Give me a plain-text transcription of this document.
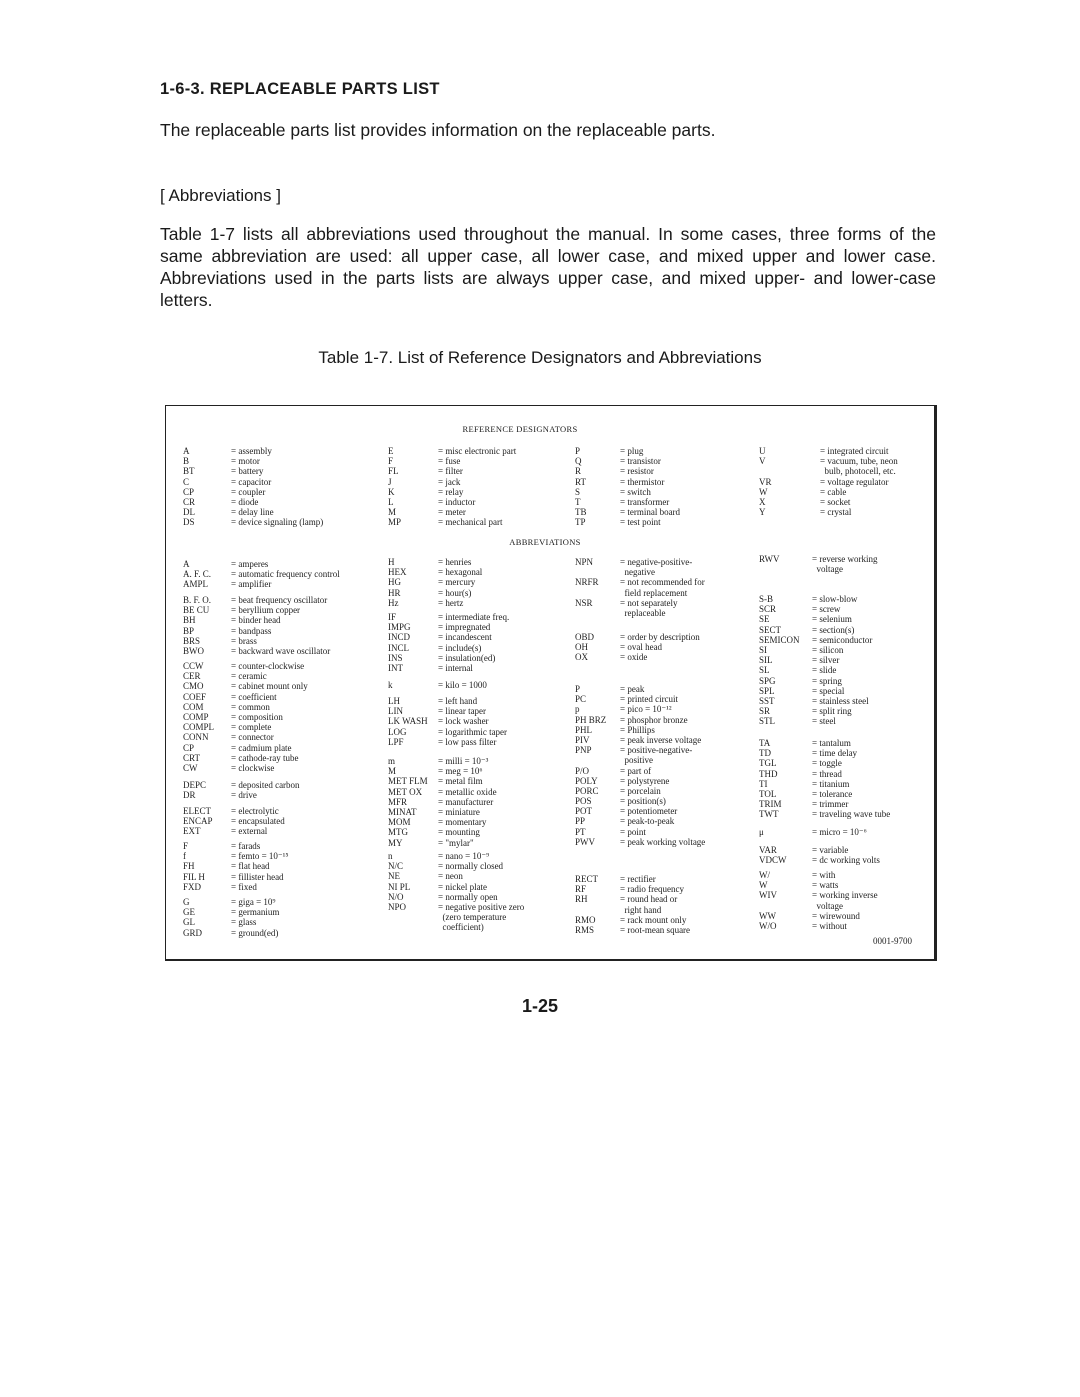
1-6-3. REPLACEABLE PARTS LIST
The replaceable parts list provides information on the replaceable parts.
[ Abbreviations ]
Table 1-7 lists all abbreviations used throughout the manual. In some cases, three forms of the same abbreviation are used: all upper case, all lower case, and mixed upper and lower case. Abbreviations used in the parts lists are always upper case, and mixed upper- and lower-case letters.
Table 1-7. List of Reference Designators and Abbreviations
REFERENCE DESIGNATORS
ABBREVIATIONS
A	= assembly
B	= motor
BT	= battery
C	= capacitor
CP	= coupler
CR	= diode
DL	= delay line
DS	= device signaling (lamp)
E	= misc electronic part
F	= fuse
FL	= filter
J	= jack
K	= relay
L	= inductor
M	= meter
MP	= mechanical part
P	= plug
Q	= transistor
R	= resistor
RT	= thermistor
S	= switch
T	= transformer
TB	= terminal board
TP	= test point
U	= integrated circuit
V	= vacuum, tube, neon
bulb, photocell, etc.
VR	= voltage regulator
W	= cable
X	= socket
Y	= crystal
A	= amperes
A. F. C. = automatic frequency control
AMPL	= amplifier
B. F. O. = beat frequency oscillator
BE CU = beryllium copper
BH	= binder head
BP	= bandpass
BRS	= brass
BWO	= backward wave oscillator
CCW	= counter-clockwise
CER	= ceramic
CMO	= cabinet mount only
COEF	= coefficient
COM	= common
COMP = composition
COMPL = complete
CONN = connector
CP	= cadmium plate
CRT	= cathode-ray tube
CW	= clockwise
DEPC	= deposited carbon
DR	= drive
ELECT = electrolytic
ENCAP = encapsulated
EXT	= external
F	= farads
f	= femto = 10⁻¹⁵
FH	= flat head
FIL H	= fillister head
FXD	= fixed
G	= giga = 10⁹
GE	= germanium
GL	= glass
GRD	= ground(ed)
H	= henries
HEX	= hexagonal
HG	= mercury
HR	= hour(s)
Hz	= hertz
IF	= intermediate freq.
IMPG	= impregnated
INCD	= incandescent
INCL	= include(s)
INS	= insulation(ed)
INT	= internal
k	= kilo = 1000
LH	= left hand
LIN	= linear taper
LK WASH = lock washer
LOG	= logarithmic taper
LPF	= low pass filter
m	= milli = 10⁻³
M	= meg = 10⁶
MET FLM = metal film
MET OX = metallic oxide
MFR	= manufacturer
MINAT = miniature
MOM	= momentary
MTG	= mounting
MY	= "mylar"
n	= nano = 10⁻⁹
N/C	= normally closed
NE	= neon
NI PL	= nickel plate
N/O	= normally open
NPO	= negative positive zero
(zero temperature
coefficient)
NPN	= negative-positive-
negative
NRFR = not recommended for
field replacement
NSR	= not separately
replaceable
OBD	= order by description
OH	= oval head
OX	= oxide
P	= peak
PC	= printed circuit
p	= pico = 10⁻¹²
PH BRZ = phosphor bronze
PHL	= Phillips
PIV	= peak inverse voltage
PNP	= positive-negative-
positive
P/O	= part of
POLY = polystyrene
PORC = porcelain
POS	= position(s)
POT	= potentiometer
PP	= peak-to-peak
PT	= point
PWV	= peak working voltage
RECT = rectifier
RF	= radio frequency
RH	= round head or
right hand
RMO	= rack mount only
RMS	= root-mean square
RWV	= reverse working
voltage
S-B	= slow-blow
SCR	= screw
SE	= selenium
SECT	= section(s)
SEMICON = semiconductor
SI	= silicon
SIL	= silver
SL	= slide
SPG	= spring
SPL	= special
SST	= stainless steel
SR	= split ring
STL	= steel
TA	= tantalum
TD	= time delay
TGL	= toggle
THD	= thread
TI	= titanium
TOL	= tolerance
TRIM	= trimmer
TWT	= traveling wave tube
μ	= micro = 10⁻⁶
VAR	= variable
VDCW	= dc working volts
W/	= with
W	= watts
WIV	= working inverse
voltage
WW	= wirewound
W/O	= without
0001-9700
1-25
